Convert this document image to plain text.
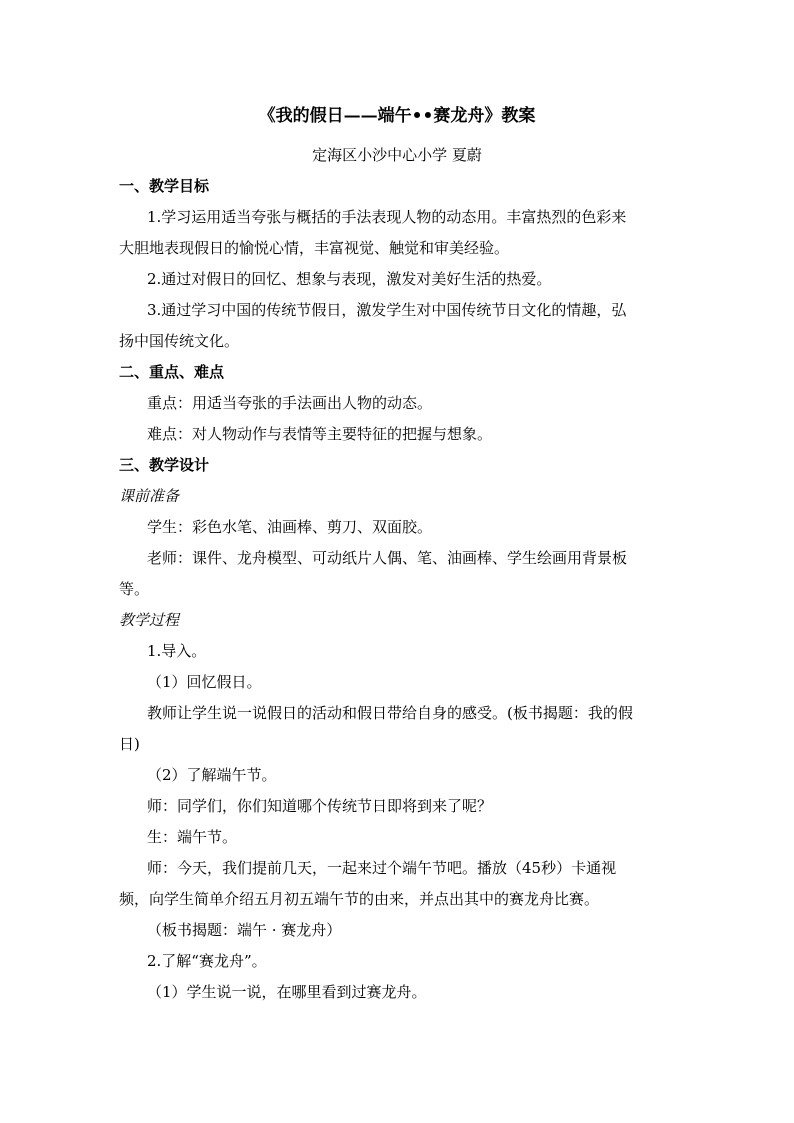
《我的假日——端午••赛龙舟》教案
定海区小沙中心小学 夏蔚
一、教学目标
1.学习运用适当夸张与概括的手法表现人物的动态用。丰富热烈的色彩来
大胆地表现假日的愉悦心情，丰富视觉、触觉和审美经验。
2.通过对假日的回忆、想象与表现，激发对美好生活的热爱。
3.通过学习中国的传统节假日，激发学生对中国传统节日文化的情趣，弘
扬中国传统文化。
二、重点、难点
重点：用适当夸张的手法画出人物的动态。
难点：对人物动作与表情等主要特征的把握与想象。
三、教学设计
课前准备
学生：彩色水笔、油画棒、剪刀、双面胶。
老师：课件、龙舟模型、可动纸片人偶、笔、油画棒、学生绘画用背景板
等。
教学过程
1.导入。
（1）回忆假日。
教师让学生说一说假日的活动和假日带给自身的感受。(板书揭题：我的假
日)
（2）了解端午节。
师：同学们，你们知道哪个传统节日即将到来了呢？
生：端午节。
师：今天，我们提前几天，一起来过个端午节吧。播放（45秒）卡通视
频，向学生简单介绍五月初五端午节的由来，并点出其中的赛龙舟比赛。
（板书揭题：端午 · 赛龙舟）
2.了解“赛龙舟”。
（1）学生说一说，在哪里看到过赛龙舟。
